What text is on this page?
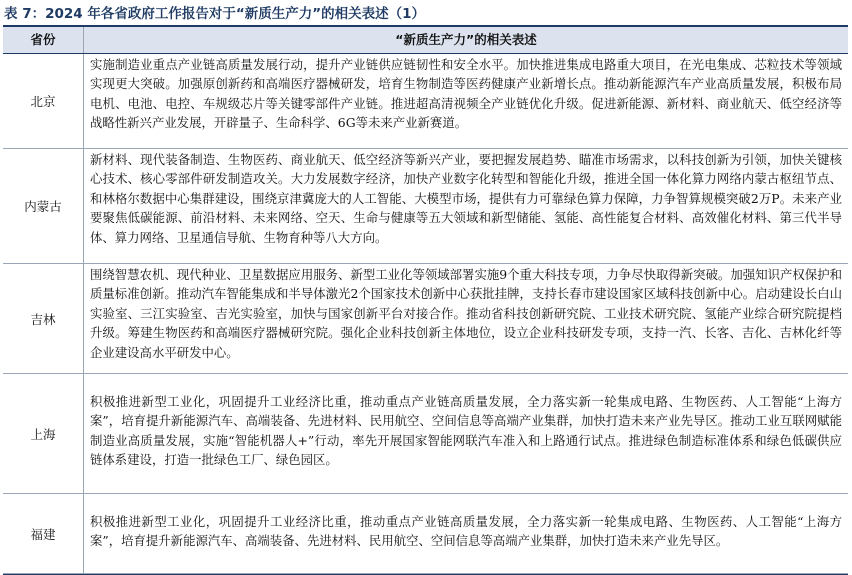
表 7：2024 年各省政府工作报告对于“新质生产力”的相关表述（1）
省份	“新质生产力”的相关表述
北京
实施制造业重点产业链高质量发展行动，提升产业链供应链韧性和安全水平。加快推进集成电路重大项目，在光电集成、芯粒技术等领域实现更大突破。加强原创新药和高端医疗器械研发，培育生物制造等医药健康产业新增长点。推动新能源汽车产业高质量发展，积极布局电机、电池、电控、车规级芯片等关键零部件产业链。推进超高清视频全产业链优化升级。促进新能源、新材料、商业航天、低空经济等战略性新兴产业发展，开辟量子、生命科学、6G等未来产业新赛道。
内蒙古
新材料、现代装备制造、生物医药、商业航天、低空经济等新兴产业，要把握发展趋势、瞄准市场需求，以科技创新为引领，加快关键核心技术、核心零部件研发制造攻关。大力发展数字经济，加快产业数字化转型和智能化升级，推进全国一体化算力网络内蒙古枢纽节点、和林格尔数据中心集群建设，围绕京津冀庞大的人工智能、大模型市场，提供有力可靠绿色算力保障，力争智算规模突破2万P。未来产业要聚焦低碳能源、前沿材料、未来网络、空天、生命与健康等五大领域和新型储能、氢能、高性能复合材料、高效催化材料、第三代半导体、算力网络、卫星通信导航、生物育种等八大方向。
吉林
围绕智慧农机、现代种业、卫星数据应用服务、新型工业化等领域部署实施9个重大科技专项，力争尽快取得新突破。加强知识产权保护和质量标准创新。推动汽车智能集成和半导体激光2个国家技术创新中心获批挂牌，支持长春市建设国家区域科技创新中心。启动建设长白山实验室、三江实验室、吉光实验室，加快与国家创新平台对接合作。推动省科技创新研究院、工业技术研究院、氢能产业综合研究院提档升级。筹建生物医药和高端医疗器械研究院。强化企业科技创新主体地位，设立企业科技研发专项，支持一汽、长客、吉化、吉林化纤等企业建设高水平研发中心。
上海
积极推进新型工业化，巩固提升工业经济比重，推动重点产业链高质量发展，全力落实新一轮集成电路、生物医药、人工智能“上海方案”，培育提升新能源汽车、高端装备、先进材料、民用航空、空间信息等高端产业集群，加快打造未来产业先导区。推动工业互联网赋能制造业高质量发展，实施“智能机器人+”行动，率先开展国家智能网联汽车准入和上路通行试点。推进绿色制造标准体系和绿色低碳供应链体系建设，打造一批绿色工厂、绿色园区。
福建
积极推进新型工业化，巩固提升工业经济比重，推动重点产业链高质量发展，全力落实新一轮集成电路、生物医药、人工智能“上海方案”，培育提升新能源汽车、高端装备、先进材料、民用航空、空间信息等高端产业集群，加快打造未来产业先导区。
